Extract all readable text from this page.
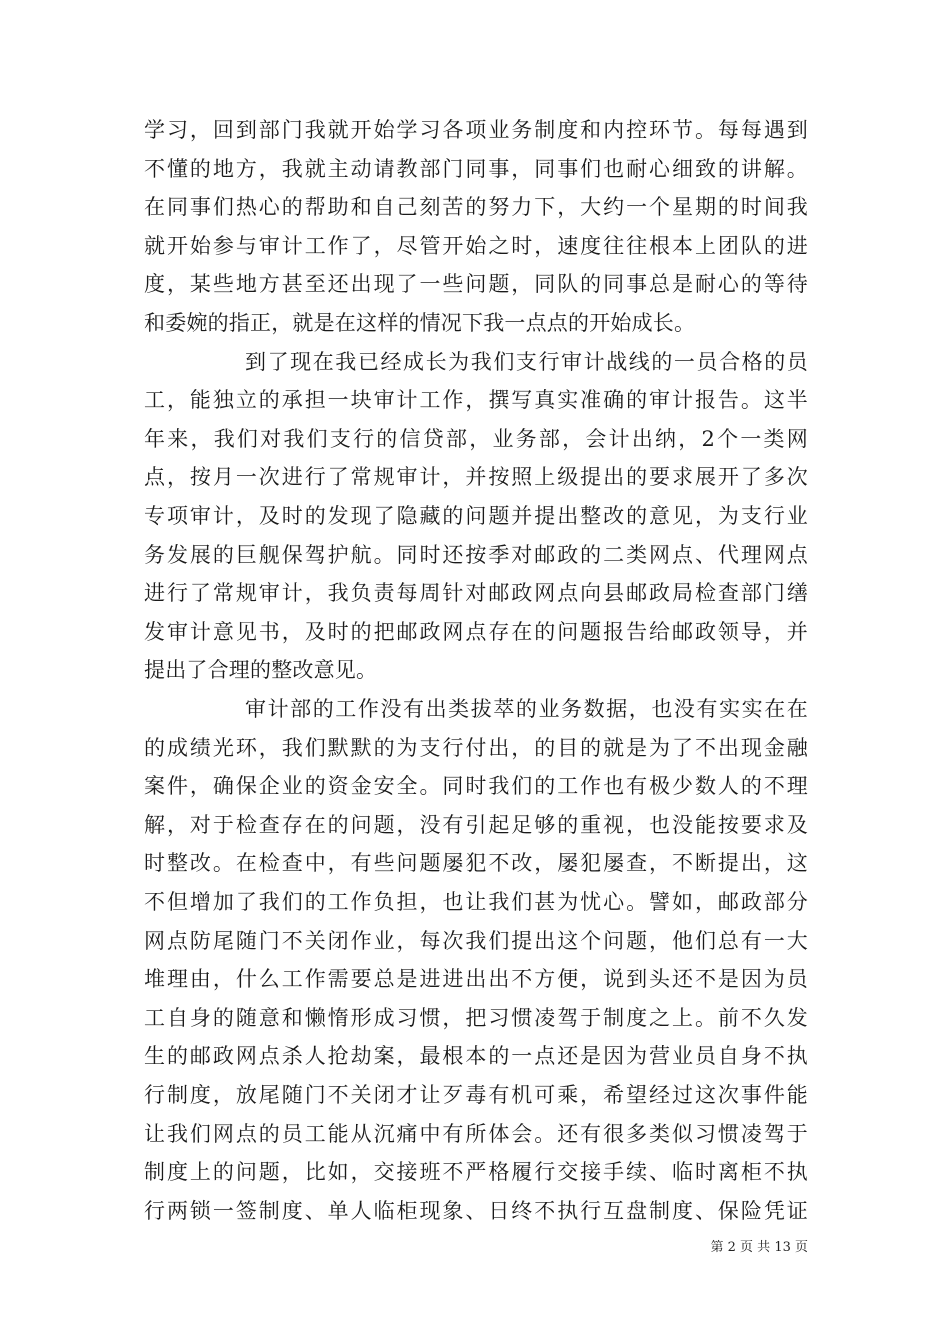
学习，回到部门我就开始学习各项业务制度和内控环节。每每遇到
不懂的地方，我就主动请教部门同事，同事们也耐心细致的讲解。
在同事们热心的帮助和自己刻苦的努力下，大约一个星期的时间我
就开始参与审计工作了，尽管开始之时，速度往往根本上团队的进
度，某些地方甚至还出现了一些问题，同队的同事总是耐心的等待
和委婉的指正，就是在这样的情况下我一点点的开始成长。
到了现在我已经成长为我们支行审计战线的一员合格的员
工，能独立的承担一块审计工作，撰写真实准确的审计报告。这半
年来，我们对我们支行的信贷部，业务部，会计出纳，2个一类网
点，按月一次进行了常规审计，并按照上级提出的要求展开了多次
专项审计，及时的发现了隐藏的问题并提出整改的意见，为支行业
务发展的巨舰保驾护航。同时还按季对邮政的二类网点、代理网点
进行了常规审计，我负责每周针对邮政网点向县邮政局检查部门缮
发审计意见书，及时的把邮政网点存在的问题报告给邮政领导，并
提出了合理的整改意见。
审计部的工作没有出类拔萃的业务数据，也没有实实在在
的成绩光环，我们默默的为支行付出，的目的就是为了不出现金融
案件，确保企业的资金安全。同时我们的工作也有极少数人的不理
解，对于检查存在的问题，没有引起足够的重视，也没能按要求及
时整改。在检查中，有些问题屡犯不改，屡犯屡查，不断提出，这
不但增加了我们的工作负担，也让我们甚为忧心。譬如，邮政部分
网点防尾随门不关闭作业，每次我们提出这个问题，他们总有一大
堆理由，什么工作需要总是进进出出不方便，说到头还不是因为员
工自身的随意和懒惰形成习惯，把习惯凌驾于制度之上。前不久发
生的邮政网点杀人抢劫案，最根本的一点还是因为营业员自身不执
行制度，放尾随门不关闭才让歹毒有机可乘，希望经过这次事件能
让我们网点的员工能从沉痛中有所体会。还有很多类似习惯凌驾于
制度上的问题，比如，交接班不严格履行交接手续、临时离柜不执
行两锁一签制度、单人临柜现象、日终不执行互盘制度、保险凭证
第 2 页 共 13 页
